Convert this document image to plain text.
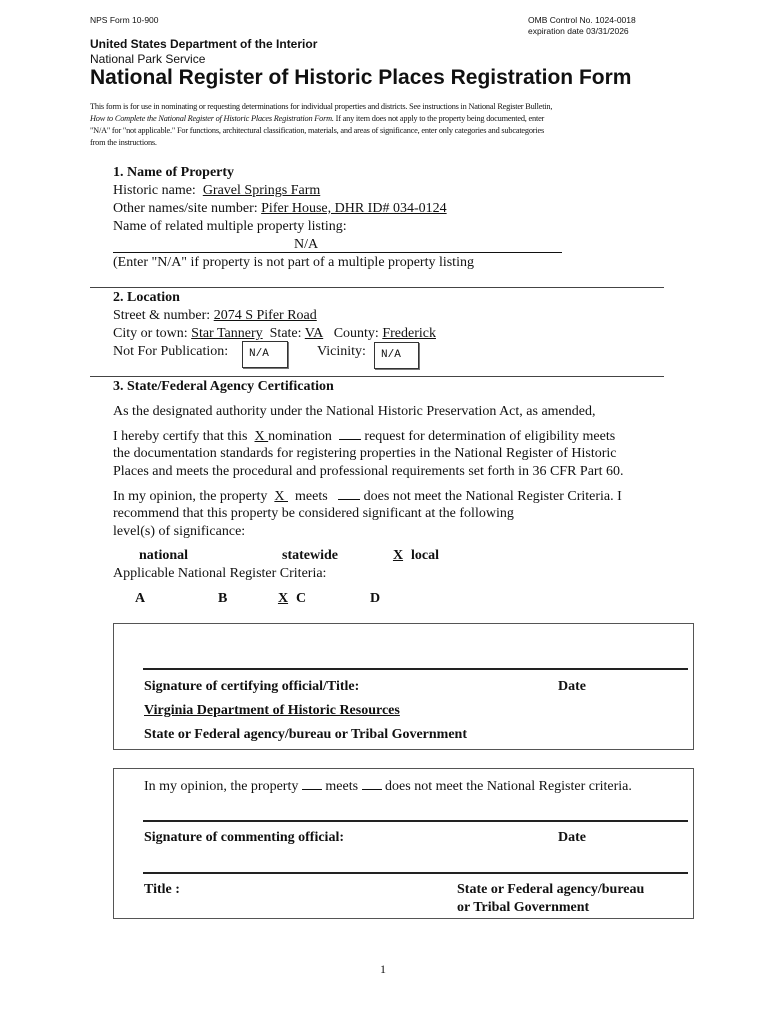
NPS Form 10-900	OMB Control No. 1024-0018
expiration date 03/31/2026
United States Department of the Interior
National Park Service
National Register of Historic Places Registration Form
This form is for use in nominating or requesting determinations for individual properties and districts. See instructions in National Register Bulletin,
How to Complete the National Register of Historic Places Registration Form. If any item does not apply to the property being documented, enter
"N/A" for "not applicable." For functions, architectural classification, materials, and areas of significance, enter only categories and subcategories
from the instructions.
1. Name of Property
Historic name: Gravel Springs Farm
Other names/site number: Pifer House, DHR ID# 034-0124
Name of related multiple property listing:
N/A
(Enter "N/A" if property is not part of a multiple property listing
2. Location
Street & number: 2074 S Pifer Road
City or town: Star Tannery State: VA County: Frederick
Not For Publication:	N/A	Vicinity:	N/A
3. State/Federal Agency Certification
As the designated authority under the National Historic Preservation Act, as amended,
I hereby certify that this  X nomination request for determination of eligibility meets
the documentation standards for registering properties in the National Register of Historic
Places and meets the procedural and professional requirements set forth in 36 CFR Part 60.
In my opinion, the property  X   meets	does not meet the National Register Criteria. I
recommend that this property be considered significant at the following
level(s) of significance:
national	statewide	X local
Applicable National Register Criteria:
A	B	X C	D
Signature of certifying official/Title:	Date
Virginia Department of Historic Resources
State or Federal agency/bureau or Tribal Government
In my opinion, the property meets does not meet the National Register criteria.
Signature of commenting official:	Date
Title :	State or Federal agency/bureau
or Tribal Government
1
